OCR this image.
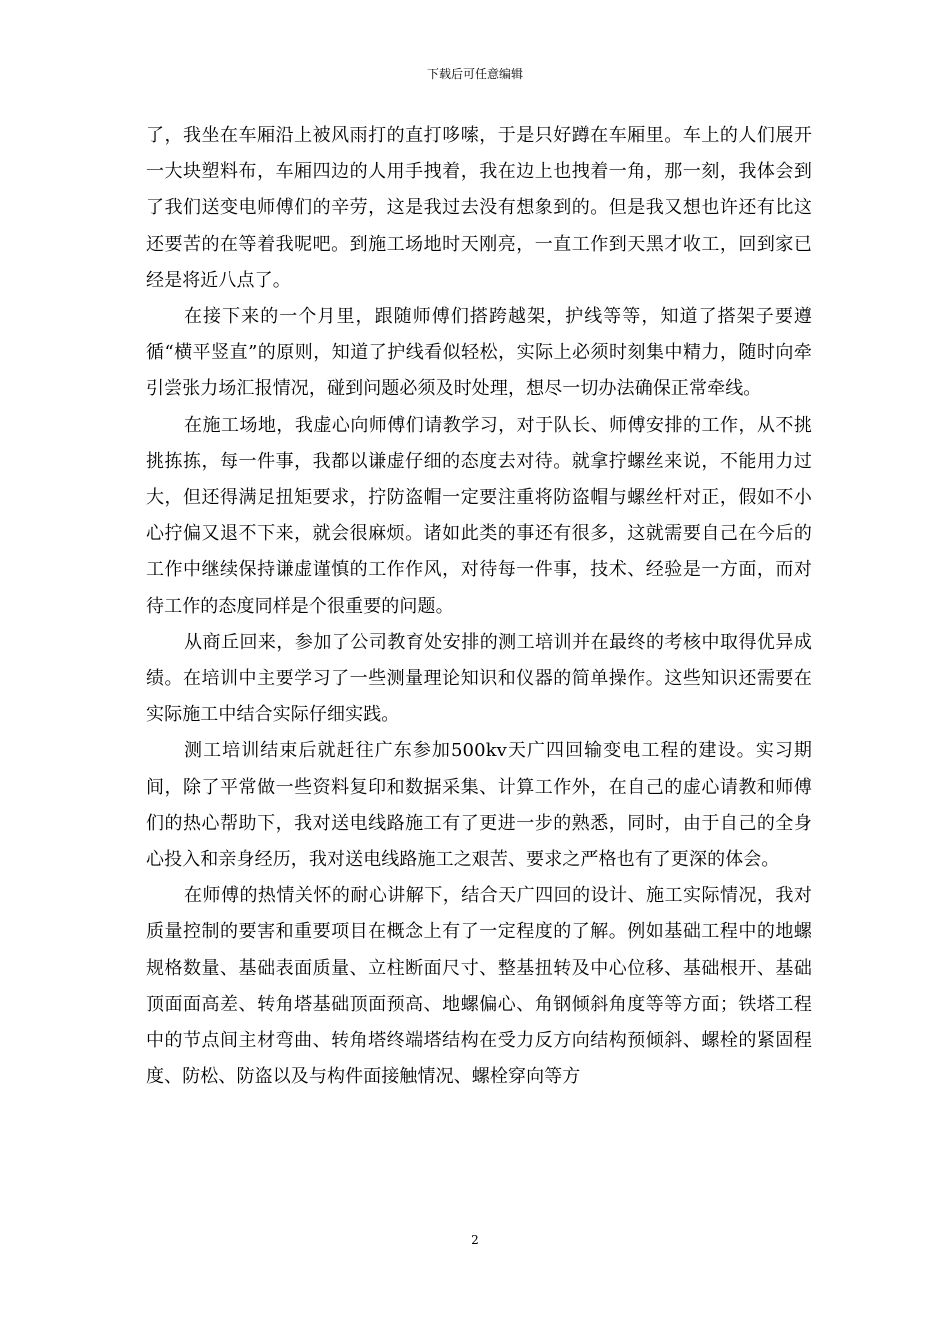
下载后可任意编辑

了，我坐在车厢沿上被风雨打的直打哆嗦，于是只好蹲在车厢里。车上的人们展开一大块塑料布，车厢四边的人用手拽着，我在边上也拽着一角，那一刻，我体会到了我们送变电师傅们的辛劳，这是我过去没有想象到的。但是我又想也许还有比这还要苦的在等着我呢吧。到施工场地时天刚亮，一直工作到天黑才收工，回到家已经是将近八点了。

在接下来的一个月里，跟随师傅们搭跨越架，护线等等，知道了搭架子要遵循“横平竖直”的原则，知道了护线看似轻松，实际上必须时刻集中精力，随时向牵引尝张力场汇报情况，碰到问题必须及时处理，想尽一切办法确保正常牵线。

在施工场地，我虚心向师傅们请教学习，对于队长、师傅安排的工作，从不挑挑拣拣，每一件事，我都以谦虚仔细的态度去对待。就拿拧螺丝来说，不能用力过大，但还得满足扭矩要求，拧防盗帽一定要注重将防盗帽与螺丝杆对正，假如不小心拧偏又退不下来，就会很麻烦。诸如此类的事还有很多，这就需要自己在今后的工作中继续保持谦虚谨慎的工作作风，对待每一件事，技术、经验是一方面，而对待工作的态度同样是个很重要的问题。

从商丘回来，参加了公司教育处安排的测工培训并在最终的考核中取得优异成绩。在培训中主要学习了一些测量理论知识和仪器的简单操作。这些知识还需要在实际施工中结合实际仔细实践。

测工培训结束后就赶往广东参加500kv天广四回输变电工程的建设。实习期间，除了平常做一些资料复印和数据采集、计算工作外，在自己的虚心请教和师傅们的热心帮助下，我对送电线路施工有了更进一步的熟悉，同时，由于自己的全身心投入和亲身经历，我对送电线路施工之艰苦、要求之严格也有了更深的体会。

在师傅的热情关怀的耐心讲解下，结合天广四回的设计、施工实际情况，我对质量控制的要害和重要项目在概念上有了一定程度的了解。例如基础工程中的地螺规格数量、基础表面质量、立柱断面尺寸、整基扭转及中心位移、基础根开、基础顶面面高差、转角塔基础顶面预高、地螺偏心、角钢倾斜角度等等方面；铁塔工程中的节点间主材弯曲、转角塔终端塔结构在受力反方向结构预倾斜、螺栓的紧固程度、防松、防盗以及与构件面接触情况、螺栓穿向等方

2
